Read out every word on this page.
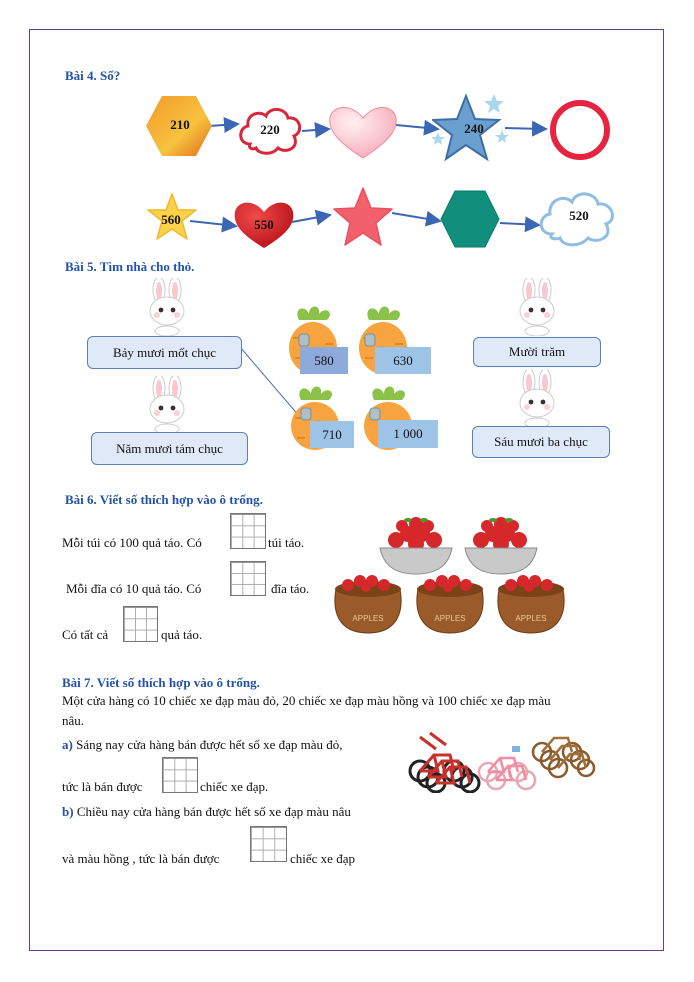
Bài 4. Số?
210	220	240
560	550
520
Bài 5. Tìm nhà cho thỏ.
Bảy mươi mốt chục
Năm mươi tám chục
Mười trăm
Sáu mươi ba chục
580	630
710	1 000
Bài 6. Viết số thích hợp vào ô trống.
Mỗi túi có 100 quả táo. Có	túi táo.
Mỗi đĩa có 10 quả táo. Có	đĩa táo.
Có tất cả	quả táo.
APPLES	APPLES	APPLES
Bài 7. Viết số thích hợp vào ô trống.
Một cửa hàng có 10 chiếc xe đạp màu đỏ, 20 chiếc xe đạp màu hồng và 100 chiếc xe đạp màu
nâu.
a) Sáng nay cửa hàng bán được hết số xe đạp màu đỏ,
tức là bán được	chiếc xe đạp.
b) Chiều nay cửa hàng bán được hết số xe đạp màu nâu
và màu hồng , tức là bán được	chiếc xe đạp
